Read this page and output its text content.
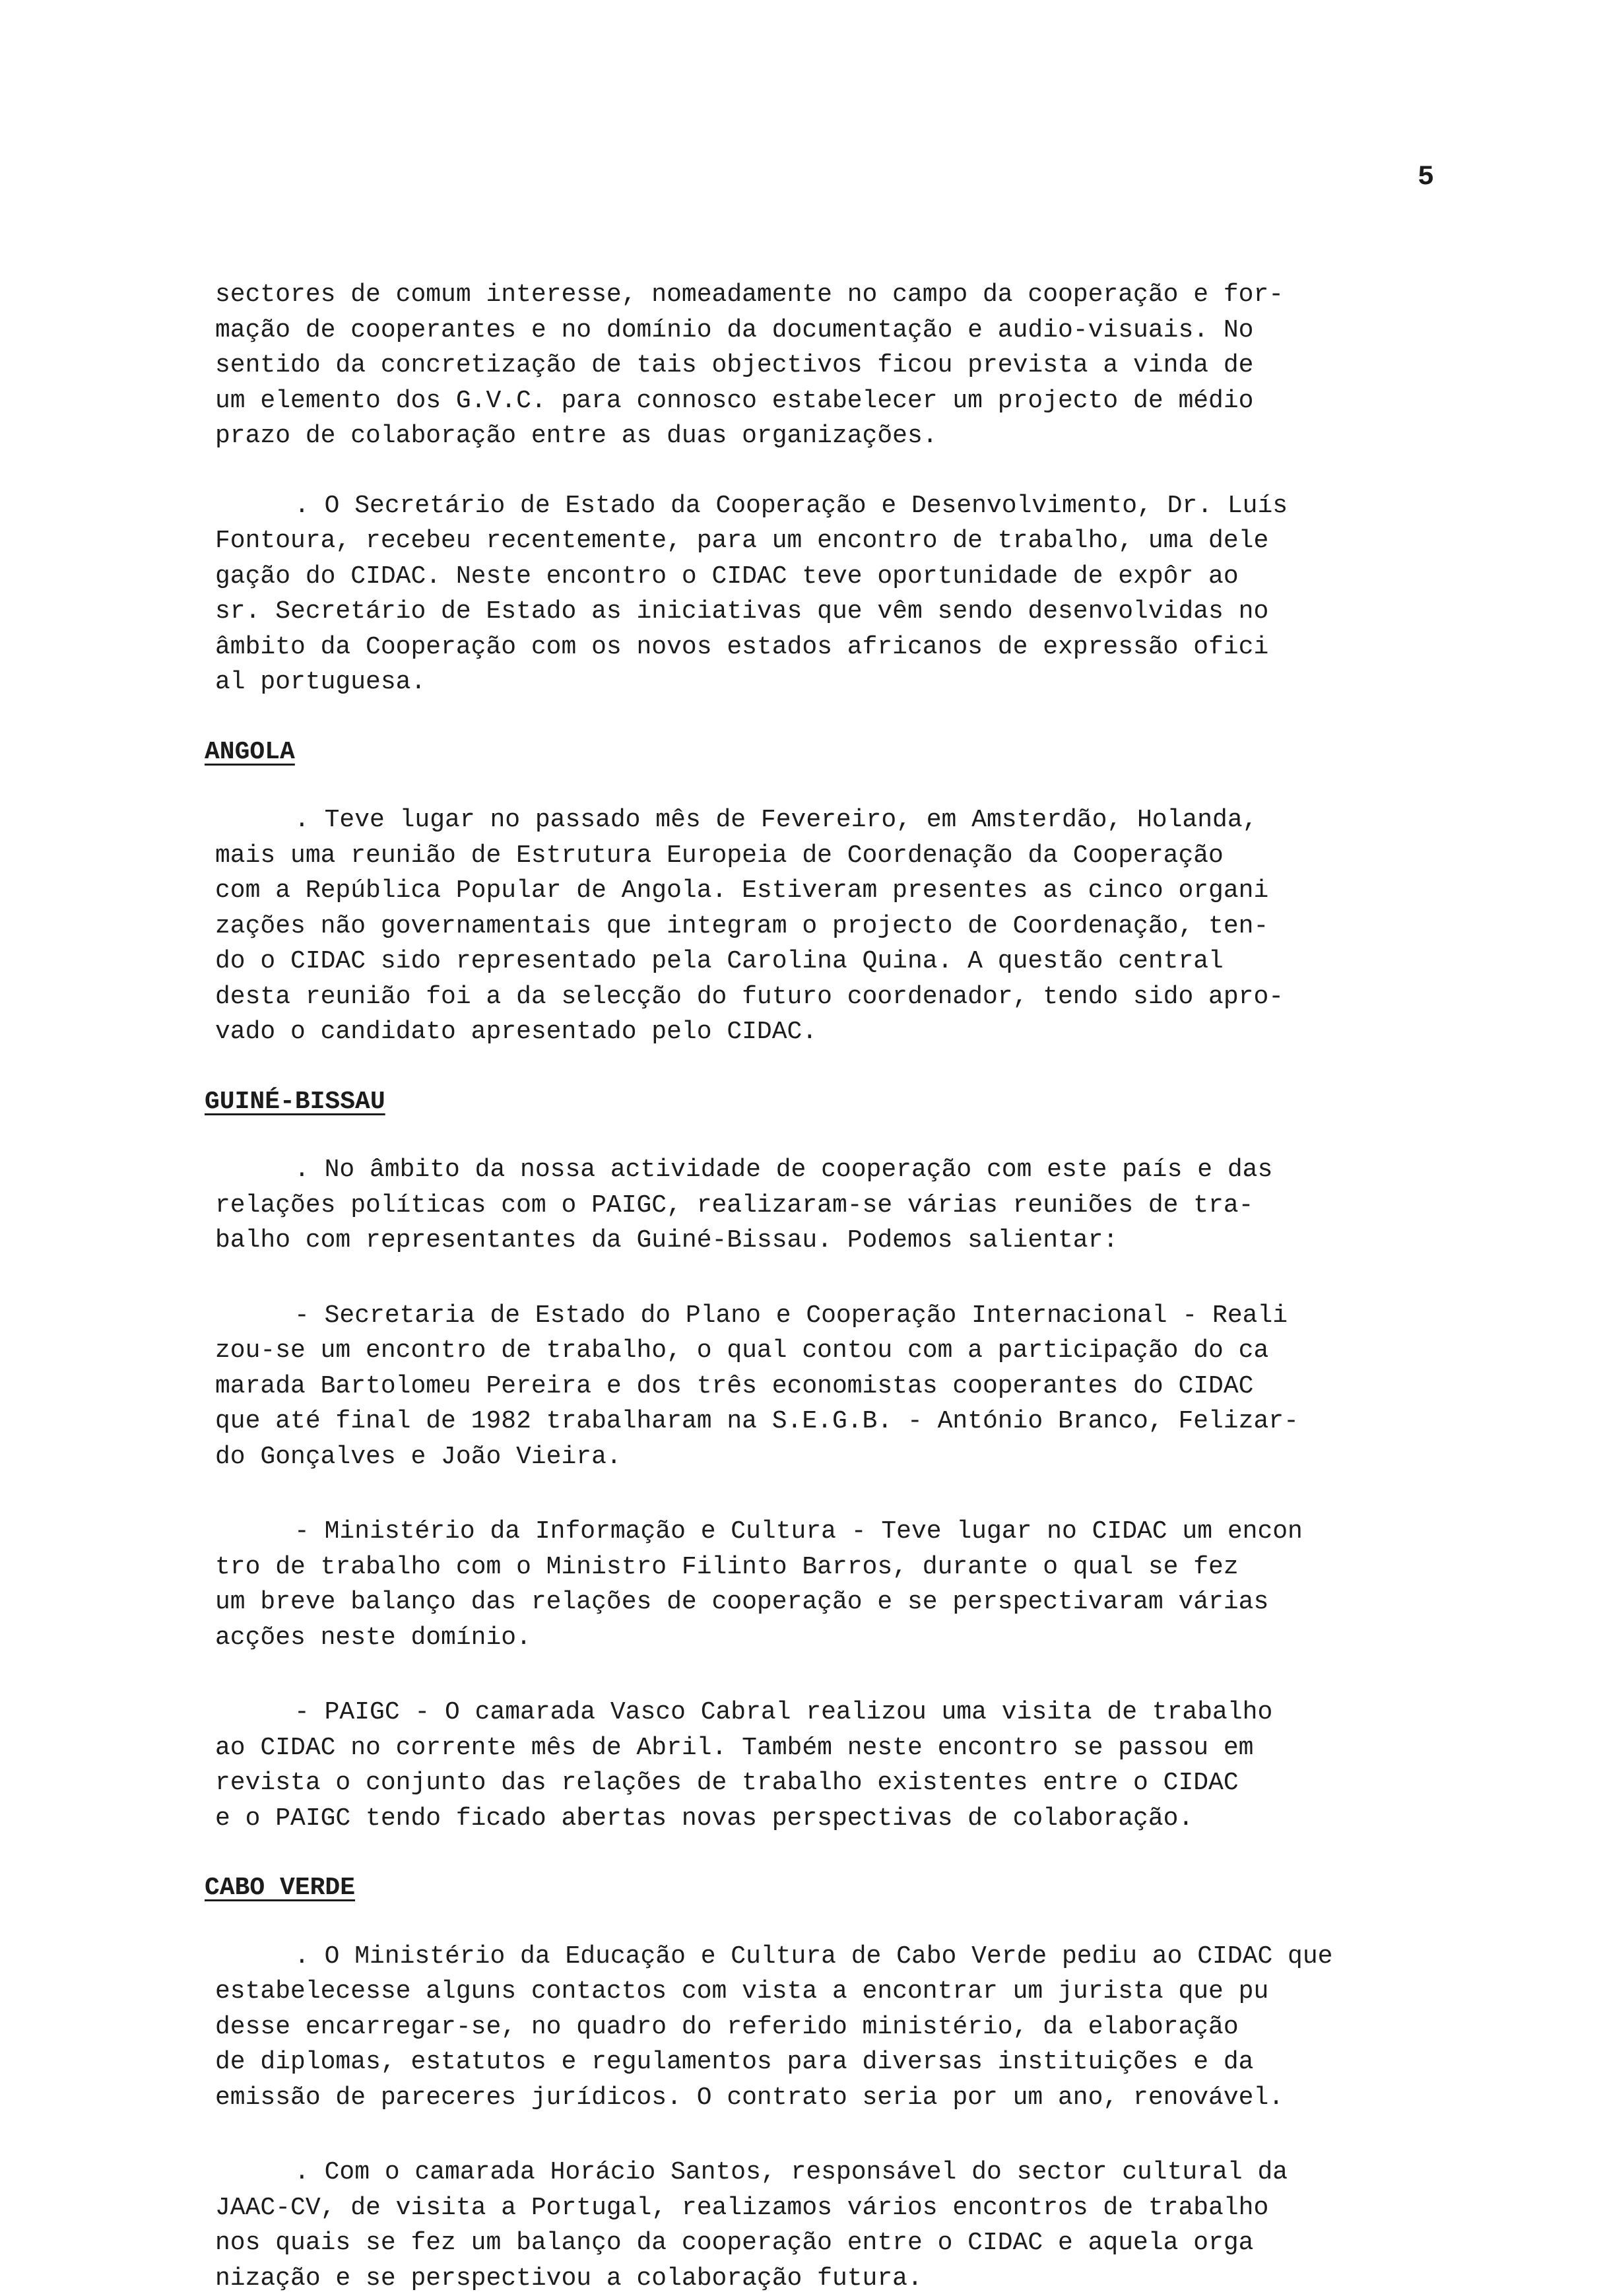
5

sectores de comum interesse, nomeadamente no campo da cooperação e for-
mação de cooperantes e no domínio da documentação e audio-visuais. No
sentido da concretização de tais objectivos ficou prevista a vinda de
um elemento dos G.V.C. para connosco estabelecer um projecto de médio
prazo de colaboração entre as duas organizações.

. O Secretário de Estado da Cooperação e Desenvolvimento, Dr. Luís
Fontoura, recebeu recentemente, para um encontro de trabalho, uma dele
gação do CIDAC. Neste encontro o CIDAC teve oportunidade de expôr ao
sr. Secretário de Estado as iniciativas que vêm sendo desenvolvidas no
âmbito da Cooperação com os novos estados africanos de expressão ofici
al portuguesa.

ANGOLA

. Teve lugar no passado mês de Fevereiro, em Amsterdão, Holanda,
mais uma reunião de Estrutura Europeia de Coordenação da Cooperação
com a República Popular de Angola. Estiveram presentes as cinco organi
zações não governamentais que integram o projecto de Coordenação, ten-
do o CIDAC sido representado pela Carolina Quina. A questão central
desta reunião foi a da selecção do futuro coordenador, tendo sido apro-
vado o candidato apresentado pelo CIDAC.

GUINÉ-BISSAU

. No âmbito da nossa actividade de cooperação com este país e das
relações políticas com o PAIGC, realizaram-se várias reuniões de tra-
balho com representantes da Guiné-Bissau. Podemos salientar:

- Secretaria de Estado do Plano e Cooperação Internacional - Reali
zou-se um encontro de trabalho, o qual contou com a participação do ca
marada Bartolomeu Pereira e dos três economistas cooperantes do CIDAC
que até final de 1982 trabalharam na S.E.G.B. - António Branco, Felizar-
do Gonçalves e João Vieira.

- Ministério da Informação e Cultura - Teve lugar no CIDAC um encon
tro de trabalho com o Ministro Filinto Barros, durante o qual se fez
um breve balanço das relações de cooperação e se perspectivaram várias
acções neste domínio.

- PAIGC - O camarada Vasco Cabral realizou uma visita de trabalho
ao CIDAC no corrente mês de Abril. Também neste encontro se passou em
revista o conjunto das relações de trabalho existentes entre o CIDAC
e o PAIGC tendo ficado abertas novas perspectivas de colaboração.

CABO VERDE

. O Ministério da Educação e Cultura de Cabo Verde pediu ao CIDAC que
estabelecesse alguns contactos com vista a encontrar um jurista que pu
desse encarregar-se, no quadro do referido ministério, da elaboração
de diplomas, estatutos e regulamentos para diversas instituições e da
emissão de pareceres jurídicos. O contrato seria por um ano, renovável.

. Com o camarada Horácio Santos, responsável do sector cultural da
JAAC-CV, de visita a Portugal, realizamos vários encontros de trabalho
nos quais se fez um balanço da cooperação entre o CIDAC e aquela orga
nização e se perspectivou a colaboração futura.
